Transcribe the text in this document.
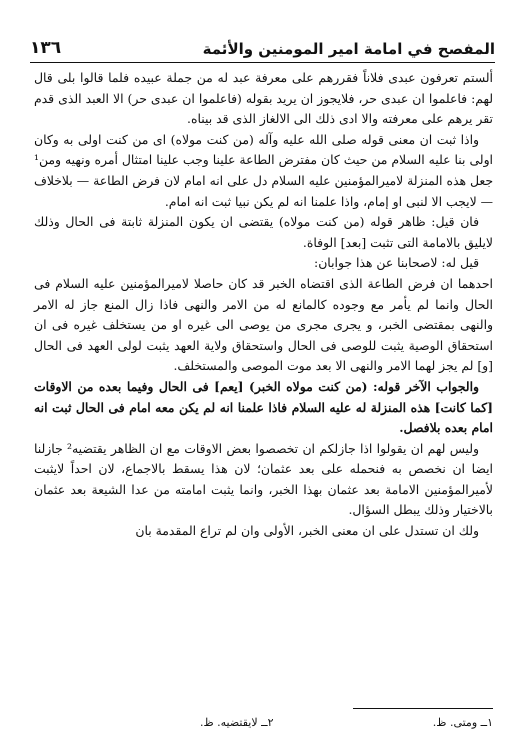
المفصح في امامة امير المومنين والأئمة
١٣٦

ألستم تعرفون عبدى فلاناً فقررهم على معرفة عبد له من جملة عبيده فلما قالوا بلى قال لهم: فاعلموا ان عبدى حر، فلايجوز ان يريد بقوله (فاعلموا ان عبدى حر) الا العبد الذى قدم تقر يرهم على معرفته والا ادى ذلك الى الالغاز الذى قد بيناه.

واذا ثبت ان معنى قوله صلى الله عليه وآله (من كنت مولاه) اى من كنت اولى به وكان اولى بنا عليه السلام من حيث كان مفترض الطاعة علينا وجب علينا امتثال أمره ونهيه ومن¹ جعل هذه المنزلة لاميرالمؤمنين عليه السلام دل على انه امام لان فرض الطاعة — بلاخلاف — لايجب الا لنبى او إمام، واذا علمنا انه لم يكن نبيا ثبت انه امام.

فان قيل: ظاهر قوله (من كنت مولاه) يقتضى ان يكون المنزلة ثابتة فى الحال وذلك لايليق بالامامة التى تثبت [بعد] الوفاة.

قيل له: لاصحابنا عن هذا جوابان:

احدهما ان فرض الطاعة الذى اقتضاه الخبر قد كان حاصلا لاميرالمؤمنين عليه السلام فى الحال وانما لم يأمر مع وجوده كالمانع له من الامر والنهى فاذا زال المنع جاز له الامر والنهى بمقتضى الخبر، و يجرى مجرى من يوصى الى غيره او من يستخلف غيره فى ان استحقاق الوصية يثبت للوصى فى الحال واستحقاق ولاية العهد يثبت لولى العهد فى الحال [و] لم يجز لهما الامر والنهى الا بعد موت الموصى والمستخلف.

والجواب الآخر قوله: (من كنت مولاه الخبر) [يعم] فى الحال وفيما بعده من الاوقات [كما كانت] هذه المنزلة له عليه السلام فاذا علمنا انه لم يكن معه امام فى الحال ثبت انه امام بعده بلافصل.

وليس لهم ان يقولوا اذا جازلكم ان تخصصوا بعض الاوقات مع ان الظاهر يقتضيه² جازلنا ايضا ان نخصص به فنحمله على بعد عثمان؛ لان هذا يسقط بالاجماع، لان احداً لايثبت لأميرالمؤمنين الامامة بعد عثمان بهذا الخبر، وانما يثبت امامته من عدا الشيعة بعد عثمان بالاختيار وذلك يبطل السؤال.

ولك ان تستدل على ان معنى الخبر، الأولى وان لم تراع المقدمة بان

١ــ ومتى. ظ.
٢ــ لايقتضيه. ظ.
